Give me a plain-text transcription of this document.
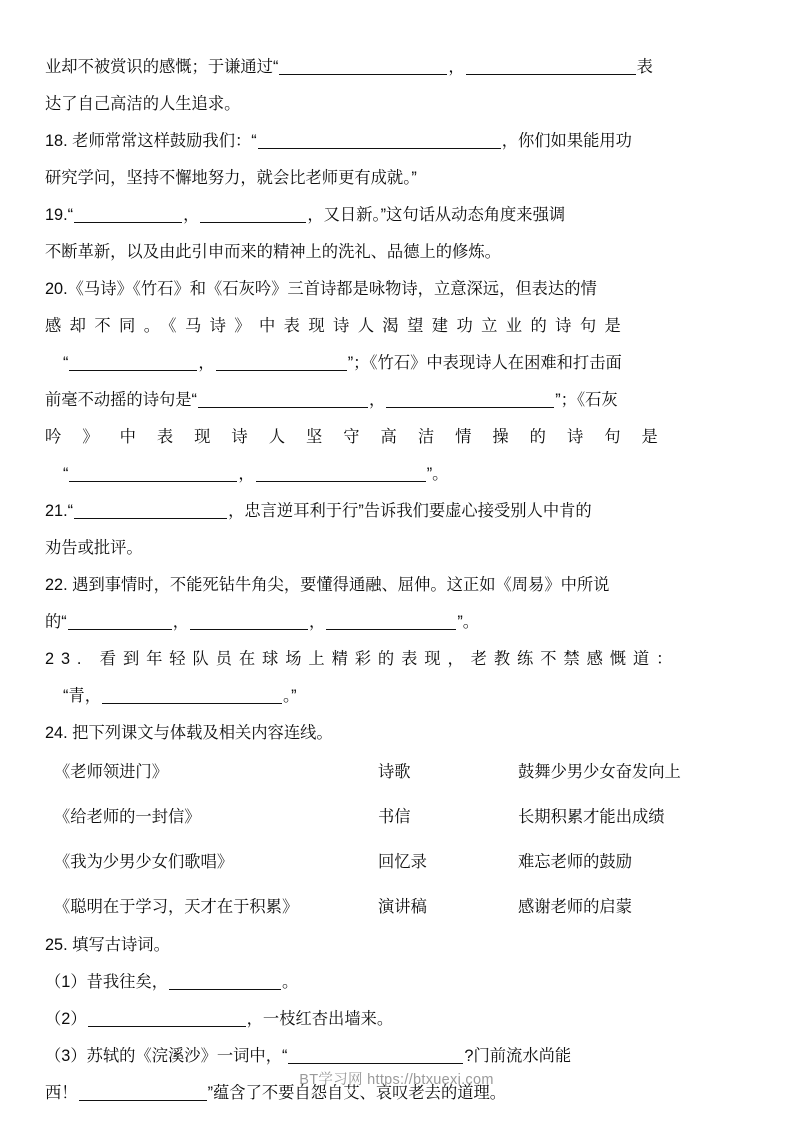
业却不被赏识的感慨；于谦通过“	，	表
达了自己高洁的人生追求。
18. 老师常常这样鼓励我们：“	，你们如果能用功
研究学问，坚持不懈地努力，就会比老师更有成就。”
19.“	，	，又日新。”这句话从动态角度来强调
不断革新，以及由此引申而来的精神上的洗礼、品德上的修炼。
20.《马诗》《竹石》和《石灰吟》三首诗都是咏物诗，立意深远，但表达的情
感却不同。《马诗》中表现诗人渴望建功立业的诗句是
“	，	”；《竹石》中表现诗人在困难和打击面
前毫不动摇的诗句是“	，	”；《石灰
吟》中表现诗人坚守高洁情操的诗句是
“	，	”。
21.“	，忠言逆耳利于行”告诉我们要虚心接受别人中肯的
劝告或批评。
22. 遇到事情时，不能死钻牛角尖，要懂得通融、屈伸。这正如《周易》中所说
的“	，	，	”。
23. 看到年轻队员在球场上精彩的表现，老教练不禁感慨道：
“青，	。”
24. 把下列课文与体载及相关内容连线。
《老师领进门》	诗歌	鼓舞少男少女奋发向上
《给老师的一封信》	书信	长期积累才能出成绩
《我为少男少女们歌唱》	回忆录	难忘老师的鼓励
《聪明在于学习，天才在于积累》	演讲稿	感谢老师的启蒙
25. 填写古诗词。
（1）昔我往矣，	。
（2）	，一枝红杏出墙来。
（3）苏轼的《浣溪沙》一词中，“	?门前流水尚能
西！	”蕴含了不要自怨自艾、哀叹老去的道理。
BT学习网 https://btxuexi.com
